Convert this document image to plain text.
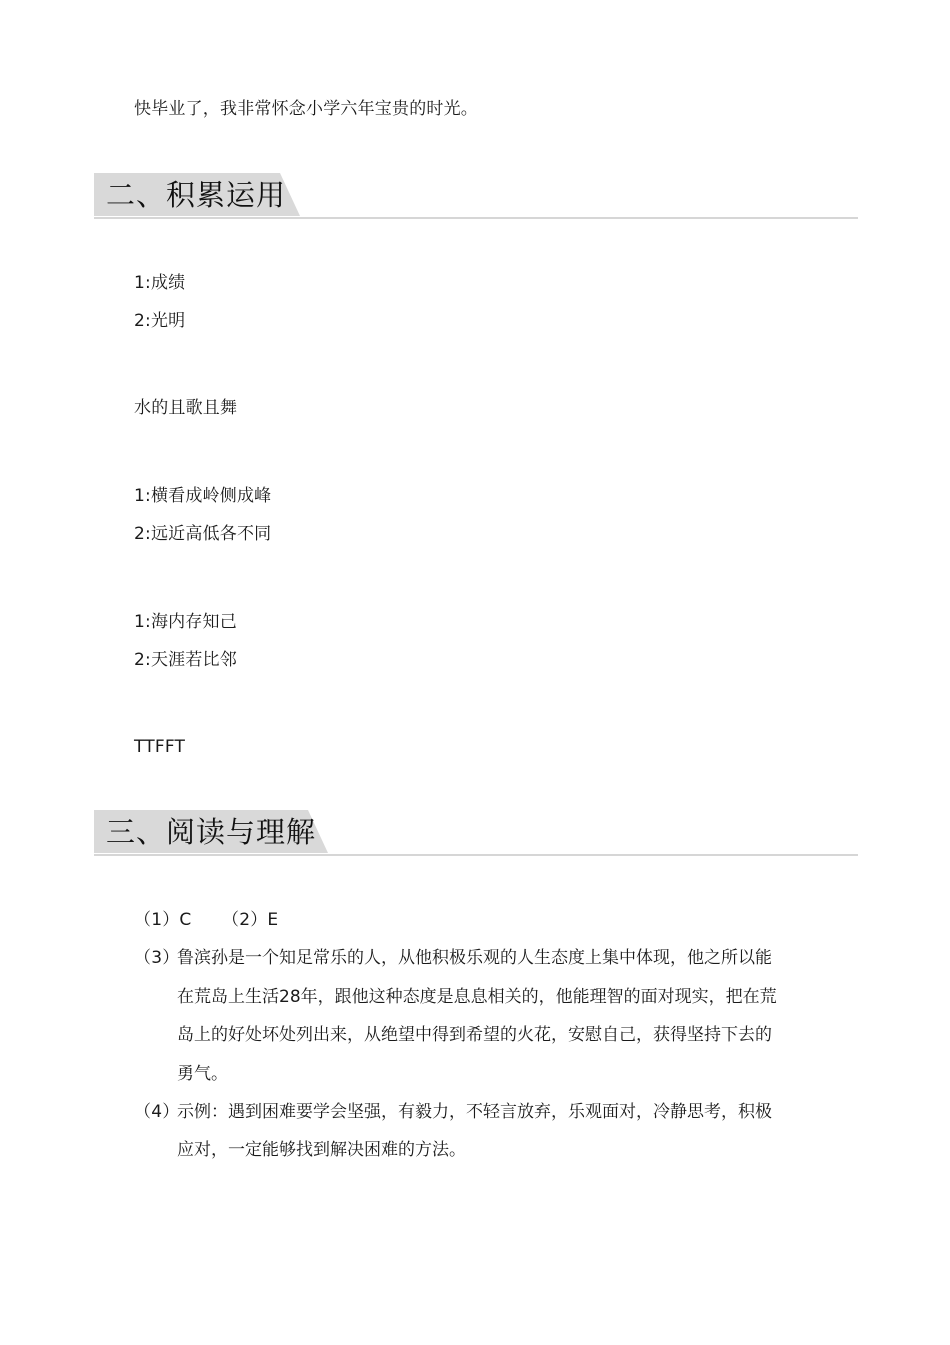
快毕业了，我非常怀念小学六年宝贵的时光。
二、积累运用
1:成绩
2:光明
水的且歌且舞
1:横看成岭侧成峰
2:远近高低各不同
1:海内存知己
2:天涯若比邻
TTFFT
三、阅读与理解
（1）C （2）E
（3）
鲁滨孙是一个知足常乐的人，从他积极乐观的人生态度上集中体现，他之所以能
在荒岛上生活28年，跟他这种态度是息息相关的，他能理智的面对现实，把在荒
岛上的好处坏处列出来，从绝望中得到希望的火花，安慰自己，获得坚持下去的
勇气。
（4）
示例：遇到困难要学会坚强，有毅力，不轻言放弃，乐观面对，冷静思考，积极
应对，一定能够找到解决困难的方法。
